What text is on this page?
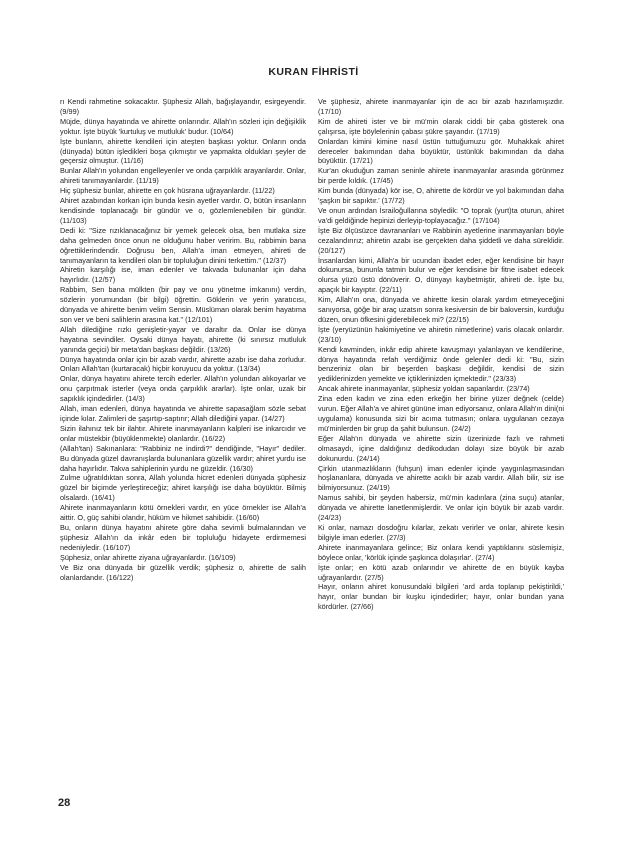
KURAN FİHRİSTİ

rı Kendi rahmetine sokacaktır. Şüphesiz Allah, bağışlayandır, esirgeyendir. (9/99)

Müjde, dünya hayatında ve ahirette onlarındır. Allah'ın sözleri için değişiklik yoktur. İşte büyük 'kurtuluş ve mutluluk' budur. (10/64)

İşte bunların, ahirette kendileri için ateşten başkası yoktur. Onların onda (dünyada) bütün işledikleri boşa çıkmıştır ve yapmakta oldukları şeyler de geçersiz olmuştur. (11/16)

Bunlar Allah'ın yolundan engelleyenler ve onda çarpıklık arayanlardır. Onlar, ahireti tanımayanlardır. (11/19)

Hiç şüphesiz bunlar, ahirette en çok hüsrana uğrayanlardır. (11/22)

Ahiret azabından korkan için bunda kesin ayetler vardır. O, bütün insanların kendisinde toplanacağı bir gündür ve o, gözlemlenebilen bir gündür. (11/103)

Dedi ki: "Size rızıklanacağınız bir yemek gelecek olsa, ben mutlaka size daha gelmeden önce onun ne olduğunu haber veririm. Bu, rabbimin bana öğrettiklerindendir. Doğrusu ben, Allah'a iman etmeyen, ahireti de tanımayanların ta kendileri olan bir topluluğun dinini terkettim." (12/37)

Ahiretin karşılığı ise, iman edenler ve takvada bulunanlar için daha hayırlıdır. (12/57)

Rabbim, Sen bana mülkten (bir pay ve onu yönetme imkanını) verdin, sözlerin yorumundan (bir bilgi) öğrettin. Göklerin ve yerin yaratıcısı, dünyada ve ahirette benim velim Sensin. Müslüman olarak benim hayatıma son ver ve beni salihlerin arasına kat." (12/101)

Allah dilediğine rızkı genişletir-yayar ve daraltır da. Onlar ise dünya hayatına sevindiler. Oysaki dünya hayatı, ahirette (ki sınırsız mutluluk yanında geçici) bir meta'dan başkası değildir. (13/26)

Dünya hayatında onlar için bir azab vardır, ahirette azabı ise daha zorludur. Onları Allah'tan (kurtaracak) hiçbir koruyucu da yoktur. (13/34)

Onlar, dünya hayatını ahirete tercih ederler. Allah'ın yolundan alıkoyarlar ve onu çarpıtmak isterler (veya onda çarpıklık ararlar). İşte onlar, uzak bir sapıklık içindedirler. (14/3)

Allah, iman edenleri, dünya hayatında ve ahirette sapasağlam sözle sebat içinde kılar. Zalimleri de şaşırtıp-saptırır; Allah dilediğini yapar. (14/27)

Sizin ilahınız tek bir ilahtır. Ahirete inanmayanların kalpleri ise inkarcıdır ve onlar müstekbir (büyüklenmekte) olanlardır. (16/22)

(Allah'tan) Sakınanlara: "Rabbiniz ne indirdi?" dendiğinde, "Hayır" dediler. Bu dünyada güzel davranışlarda bulunanlara güzellik vardır; ahiret yurdu ise daha hayırlıdır. Takva sahiplerinin yurdu ne güzeldir. (16/30)

Zulme uğratıldıktan sonra, Allah yolunda hicret edenleri dünyada şüphesiz güzel bir biçimde yerleştireceğiz; ahiret karşılığı ise daha büyüktür. Bilmiş olsalardı. (16/41)

Ahirete inanmayanların kötü örnekleri vardır, en yüce örnekler ise Allah'a aittir. O, güç sahibi olandır, hüküm ve hikmet sahibidir. (16/60)

Bu, onların dünya hayatını ahirete göre daha sevimli bulmalarından ve şüphesiz Allah'ın da inkâr eden bir topluluğu hidayete erdirmemesi nedeniyledir. (16/107)

Şüphesiz, onlar ahirette ziyana uğrayanlardır. (16/109)

Ve Biz ona dünyada bir güzellik verdik; şüphesiz o, ahirette de salih olanlardandır. (16/122)

Ve şüphesiz, ahirete inanmayanlar için de acı bir azab hazırlamışızdır. (17/10)

Kim de ahireti ister ve bir mü'min olarak ciddi bir çaba gösterek ona çalışırsa, işte böylelerinin çabası şükre şayandır. (17/19)

Onlardan kimini kimine nasıl üstün tuttuğumuzu gör. Muhakkak ahiret dereceler bakımından daha büyüktür, üstünlük bakımından da daha büyüktür. (17/21)

Kur'an okuduğun zaman seninle ahirete inanmayanlar arasında görünmez bir perde kıldık. (17/45)

Kim bunda (dünyada) kör ise, O, ahirette de kördür ve yol bakımından daha 'şaşkın bir sapıktır.' (17/72)

Ve onun ardından İsrailoğullarına söyledik: "O toprak (yurt)ta oturun, ahiret va'di geldiğinde hepinizi derleyip-toplayacağız." (17/104)

İşte Biz ölçüsüzce davrananları ve Rabbinin ayetlerine inanmayanları böyle cezalandırırız; ahiretin azabı ise gerçekten daha şiddetli ve daha süreklidir. (20/127)

İnsanlardan kimi, Allah'a bir ucundan ibadet eder, eğer kendisine bir hayır dokunursa, bununla tatmin bulur ve eğer kendisine bir fitne isabet edecek olursa yüzü üstü dönüverir. O, dünyayı kaybetmiştir, ahireti de. İşte bu, apaçık bir kayıptır. (22/11)

Kim, Allah'ın ona, dünyada ve ahirette kesin olarak yardım etmeyeceğini sanıyorsa, göğe bir araç uzatsın sonra kesiversin de bir bakıversin, kurduğu düzen, onun öfkesini giderebilecek mi? (22/15)

İşte (yeryüzünün hakimiyetine ve ahiretin nimetlerine) varis olacak onlardır. (23/10)

Kendi kavminden, inkâr edip ahirete kavuşmayı yalanlayan ve kendilerine, dünya hayatında refah verdiğimiz önde gelenler dedi ki: "Bu, sizin benzeriniz olan bir beşerden başkası değildir, kendisi de sizin yediklerinizden yemekte ve içtiklerinizden içmektedir." (23/33)

Ancak ahirete inanmayanlar, şüphesiz yoldan sapanlardır. (23/74)

Zina eden kadın ve zina eden erkeğin her birine yüzer değnek (celde) vurun. Eğer Allah'a ve ahiret gününe iman ediyorsanız, onlara Allah'ın dini(ni uygulama) konusunda sizi bir acıma tutmasın; onlara uygulanan cezaya mü'minlerden bir grup da şahit bulunsun. (24/2)

Eğer Allah'ın dünyada ve ahirette sizin üzerinizde fazlı ve rahmeti olmasaydı, içine daldığınız dedikodudan dolayı size büyük bir azab dokunurdu. (24/14)

Çirkin utanmazlıkların (fuhşun) iman edenler içinde yaygınlaşmasından hoşlananlara, dünyada ve ahirette acıklı bir azab vardır. Allah bilir, siz ise bilmiyorsunuz. (24/19)

Namus sahibi, bir şeyden habersiz, mü'min kadınlara (zina suçu) atanlar, dünyada ve ahirette lanetlenmişlerdir. Ve onlar için büyük bir azab vardır. (24/23)

Ki onlar, namazı dosdoğru kılarlar, zekatı verirler ve onlar, ahirete kesin bilgiyle iman ederler. (27/3)

Ahirete inanmayanlara gelince; Biz onlara kendi yaptıklarını süslemişiz, böylece onlar, 'körlük içinde şaşkınca dolaşırlar'. (27/4)

İşte onlar; en kötü azab onlarındır ve ahirette de en büyük kayba uğrayanlardır. (27/5)

Hayır, onların ahiret konusundaki bilgileri 'ard arda toplanıp pekiştirildi,' hayır, onlar bundan bir kuşku içindedirler; hayır, onlar bundan yana kördürler. (27/66)

28
